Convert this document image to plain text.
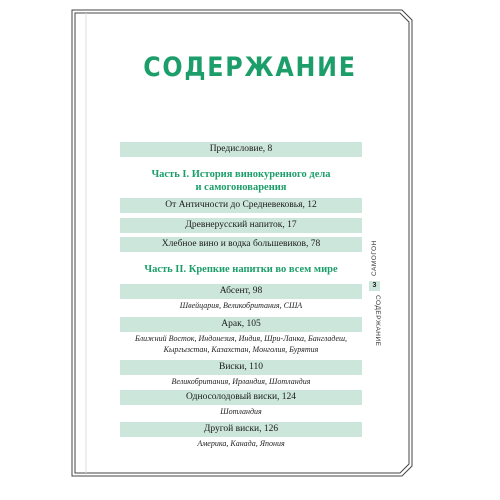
СОДЕРЖАНИЕ
Предисловие, 8
Часть I. История винокуренного дела
и самогоноварения
От Античности до Средневековья, 12
Древнерусский напиток, 17
Хлебное вино и водка большевиков, 78
Часть II. Крепкие напитки во всем мире
Абсент, 98
Швейцария, Великобритания, США
Арак, 105
Ближний Восток, Индонезия, Индия, Шри-Ланка, Бангладеш,
Кыргызстан, Казахстан, Монголия, Бурятия
Виски, 110
Великобритания, Ирландия, Шотландия
Односолодовый виски, 124
Шотландия
Другой виски, 126
Америка, Канада, Япония
САМОГОН
3
СОДЕРЖАНИЕ
